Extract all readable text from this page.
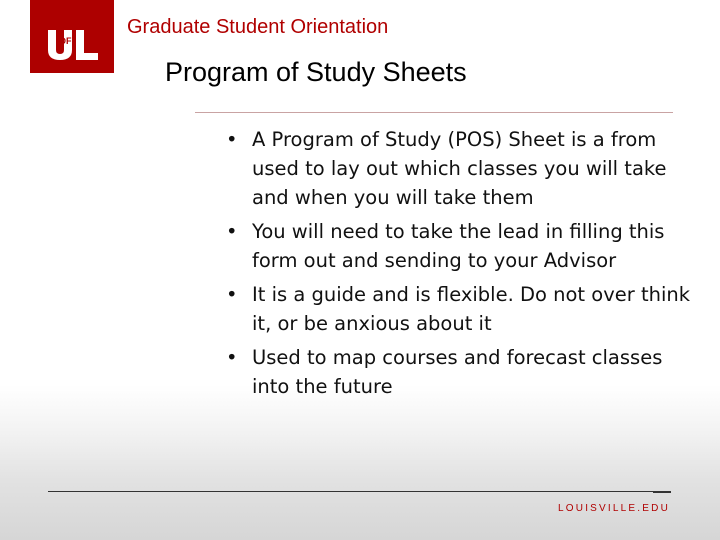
OF
Graduate Student Orientation
Program of Study Sheets
• A Program of Study (POS) Sheet is a from used to lay out which classes you will take and when you will take them
• You will need to take the lead in filling this form out and sending to your Advisor
• It is a guide and is flexible. Do not over think it, or be anxious about it
• Used to map courses and forecast classes into the future
LOUISVILLE.EDU
